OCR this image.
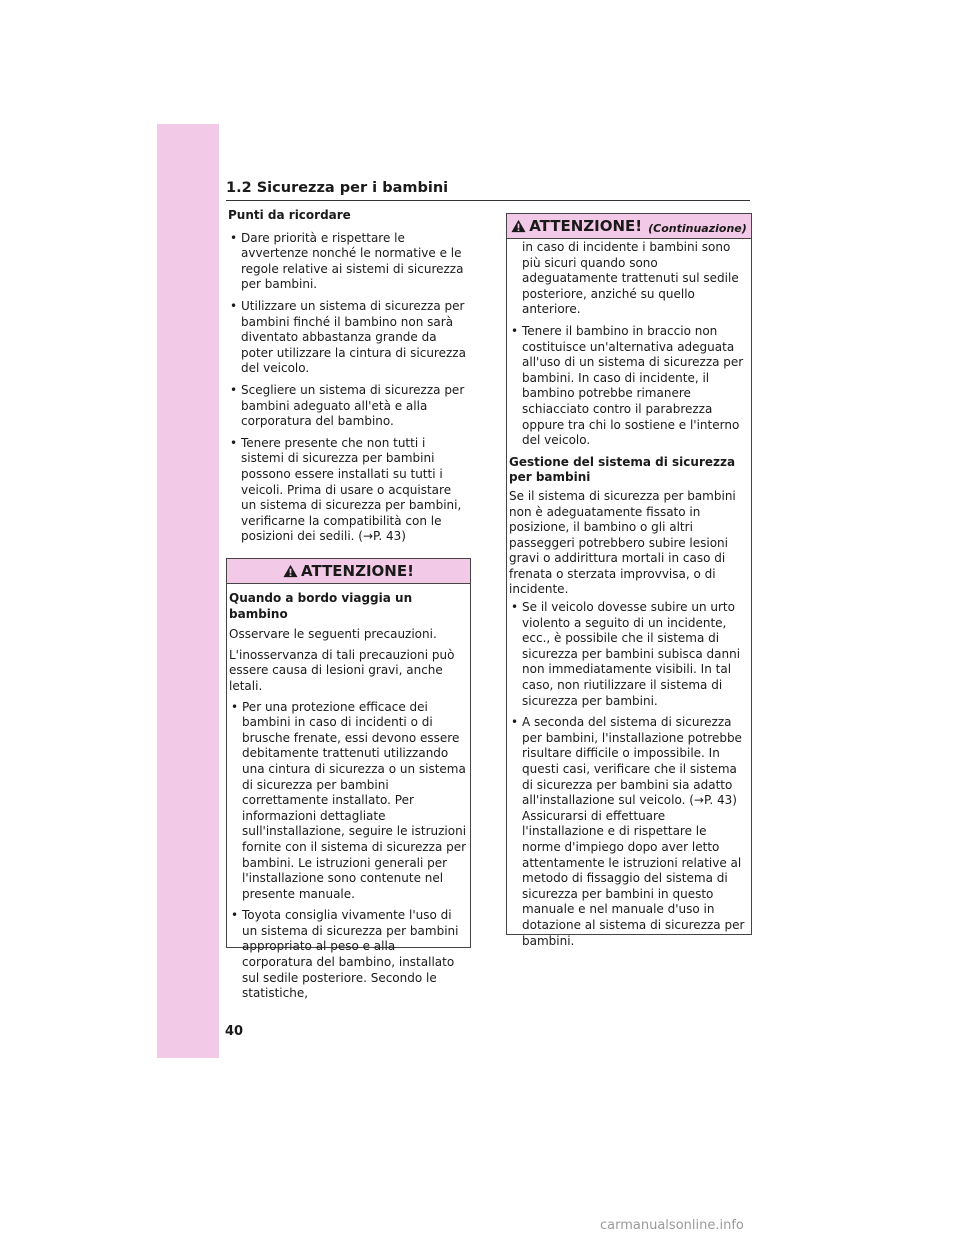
1.2 Sicurezza per i bambini
Punti da ricordare
• Dare priorità e rispettare le avvertenze nonché le normative e le regole relative ai sistemi di sicurezza per bambini.
• Utilizzare un sistema di sicurezza per bambini finché il bambino non sarà diventato abbastanza grande da poter utilizzare la cintura di sicurezza del veicolo.
• Scegliere un sistema di sicurezza per bambini adeguato all'età e alla corporatura del bambino.
• Tenere presente che non tutti i sistemi di sicurezza per bambini possono essere installati su tutti i veicoli. Prima di usare o acquistare un sistema di sicurezza per bambini, verificarne la compatibilità con le posizioni dei sedili. (→P. 43)
ATTENZIONE!
Quando a bordo viaggia un bambino
Osservare le seguenti precauzioni.
L'inosservanza di tali precauzioni può essere causa di lesioni gravi, anche letali.
• Per una protezione efficace dei bambini in caso di incidenti o di brusche frenate, essi devono essere debitamente trattenuti utilizzando una cintura di sicurezza o un sistema di sicurezza per bambini correttamente installato. Per informazioni dettagliate sull'installazione, seguire le istruzioni fornite con il sistema di sicurezza per bambini. Le istruzioni generali per l'installazione sono contenute nel presente manuale.
• Toyota consiglia vivamente l'uso di un sistema di sicurezza per bambini appropriato al peso e alla corporatura del bambino, installato sul sedile posteriore. Secondo le statistiche,
ATTENZIONE! (Continuazione)
in caso di incidente i bambini sono più sicuri quando sono adeguatamente trattenuti sul sedile posteriore, anziché su quello anteriore.
• Tenere il bambino in braccio non costituisce un'alternativa adeguata all'uso di un sistema di sicurezza per bambini. In caso di incidente, il bambino potrebbe rimanere schiacciato contro il parabrezza oppure tra chi lo sostiene e l'interno del veicolo.
Gestione del sistema di sicurezza per bambini
Se il sistema di sicurezza per bambini non è adeguatamente fissato in posizione, il bambino o gli altri passeggeri potrebbero subire lesioni gravi o addirittura mortali in caso di frenata o sterzata improvvisa, o di incidente.
• Se il veicolo dovesse subire un urto violento a seguito di un incidente, ecc., è possibile che il sistema di sicurezza per bambini subisca danni non immediatamente visibili. In tal caso, non riutilizzare il sistema di sicurezza per bambini.
• A seconda del sistema di sicurezza per bambini, l'installazione potrebbe risultare difficile o impossibile. In questi casi, verificare che il sistema di sicurezza per bambini sia adatto all'installazione sul veicolo. (→P. 43) Assicurarsi di effettuare l'installazione e di rispettare le norme d'impiego dopo aver letto attentamente le istruzioni relative al metodo di fissaggio del sistema di sicurezza per bambini in questo manuale e nel manuale d'uso in dotazione al sistema di sicurezza per bambini.
40
carmanualsonline.info
